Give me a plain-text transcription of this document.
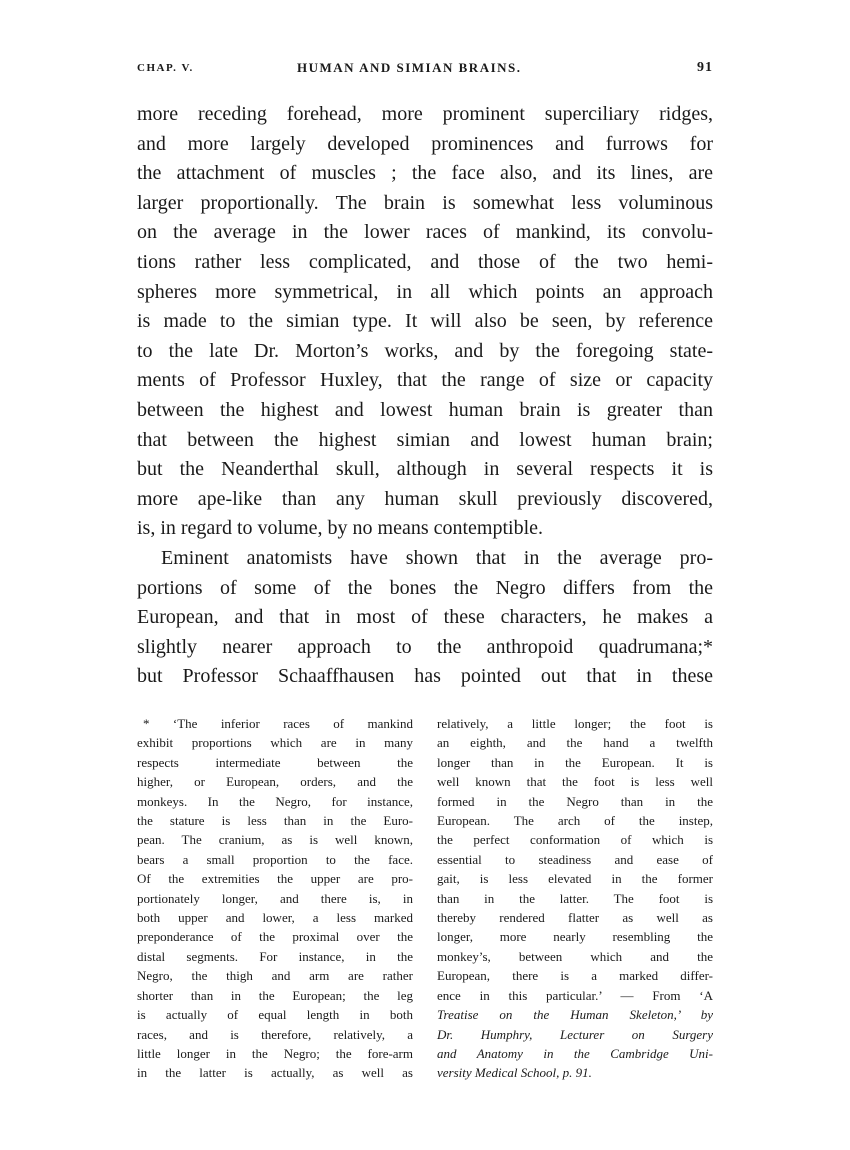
CHAP. V.	HUMAN AND SIMIAN BRAINS.	91

more receding forehead, more prominent superciliary ridges,
and more largely developed prominences and furrows for
the attachment of muscles ; the face also, and its lines, are
larger proportionally. The brain is somewhat less voluminous
on the average in the lower races of mankind, its convolu-
tions rather less complicated, and those of the two hemi-
spheres more symmetrical, in all which points an approach
is made to the simian type. It will also be seen, by reference
to the late Dr. Morton’s works, and by the foregoing state-
ments of Professor Huxley, that the range of size or capacity
between the highest and lowest human brain is greater than
that between the highest simian and lowest human brain;
but the Neanderthal skull, although in several respects it is
more ape-like than any human skull previously discovered,
is, in regard to volume, by no means contemptible.

Eminent anatomists have shown that in the average pro-
portions of some of the bones the Negro differs from the
European, and that in most of these characters, he makes a
slightly nearer approach to the anthropoid quadrumana;*
but Professor Schaaffhausen has pointed out that in these

* ‘The inferior races of mankind
exhibit proportions which are in many
respects intermediate between the
higher, or European, orders, and the
monkeys. In the Negro, for instance,
the stature is less than in the Euro-
pean. The cranium, as is well known,
bears a small proportion to the face.
Of the extremities the upper are pro-
portionately longer, and there is, in
both upper and lower, a less marked
preponderance of the proximal over the
distal segments. For instance, in the
Negro, the thigh and arm are rather
shorter than in the European; the leg
is actually of equal length in both
races, and is therefore, relatively, a
little longer in the Negro; the fore-arm
in the latter is actually, as well as
relatively, a little longer; the foot is
an eighth, and the hand a twelfth
longer than in the European. It is
well known that the foot is less well
formed in the Negro than in the
European. The arch of the instep,
the perfect conformation of which is
essential to steadiness and ease of
gait, is less elevated in the former
than in the latter. The foot is
thereby rendered flatter as well as
longer, more nearly resembling the
monkey’s, between which and the
European, there is a marked differ-
ence in this particular.’ — From ‘A
Treatise on the Human Skeleton,’ by
Dr. Humphry, Lecturer on Surgery
and Anatomy in the Cambridge Uni-
versity Medical School, p. 91.
